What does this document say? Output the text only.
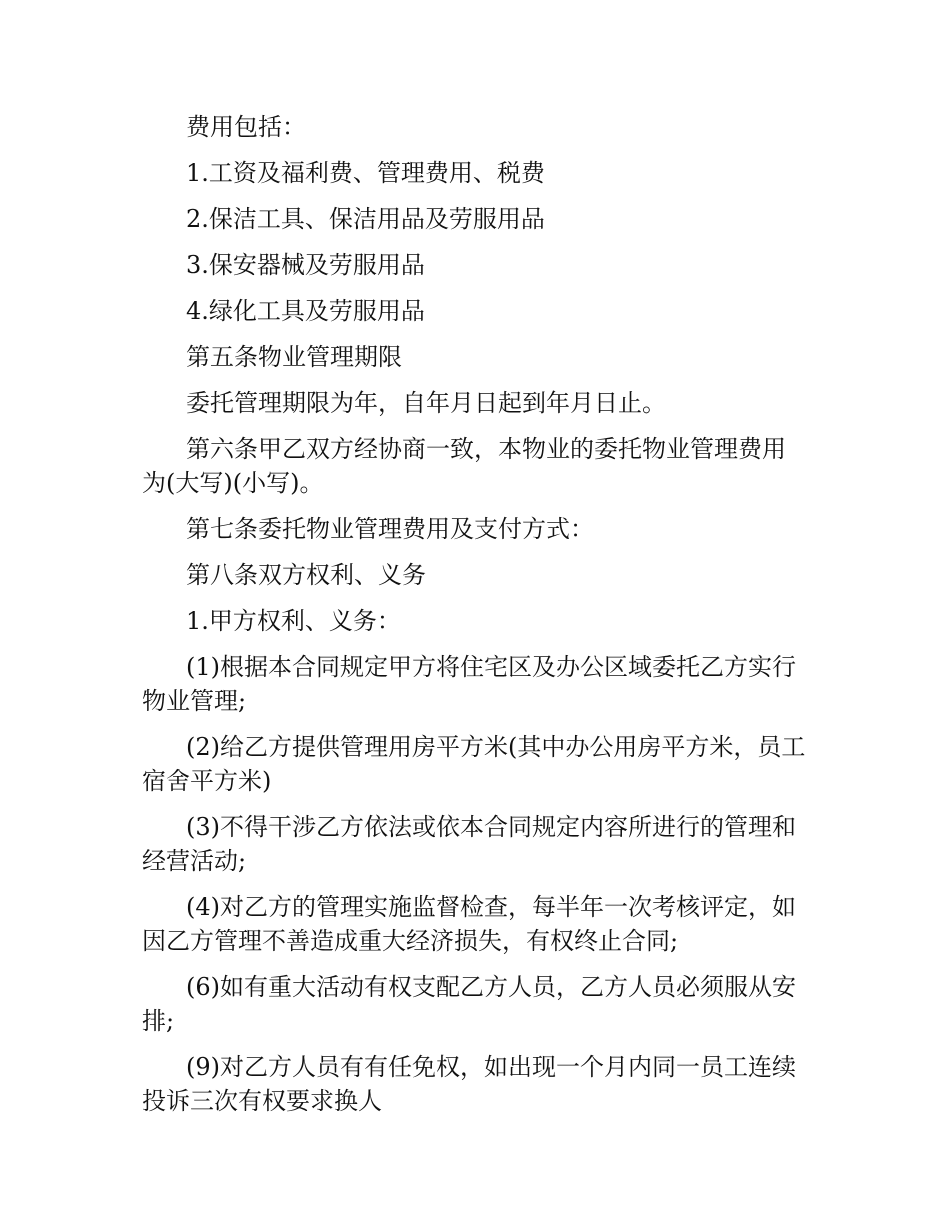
费用包括：

1.工资及福利费、管理费用、税费

2.保洁工具、保洁用品及劳服用品

3.保安器械及劳服用品

4.绿化工具及劳服用品

第五条物业管理期限

委托管理期限为年，自年月日起到年月日止。

第六条甲乙双方经协商一致，本物业的委托物业管理费用为(大写)(小写)。

第七条委托物业管理费用及支付方式：

第八条双方权利、义务

1.甲方权利、义务：

(1)根据本合同规定甲方将住宅区及办公区域委托乙方实行物业管理;

(2)给乙方提供管理用房平方米(其中办公用房平方米，员工宿舍平方米)

(3)不得干涉乙方依法或依本合同规定内容所进行的管理和经营活动;

(4)对乙方的管理实施监督检查，每半年一次考核评定，如因乙方管理不善造成重大经济损失，有权终止合同;

(6)如有重大活动有权支配乙方人员，乙方人员必须服从安排;

(9)对乙方人员有有任免权，如出现一个月内同一员工连续投诉三次有权要求换人
